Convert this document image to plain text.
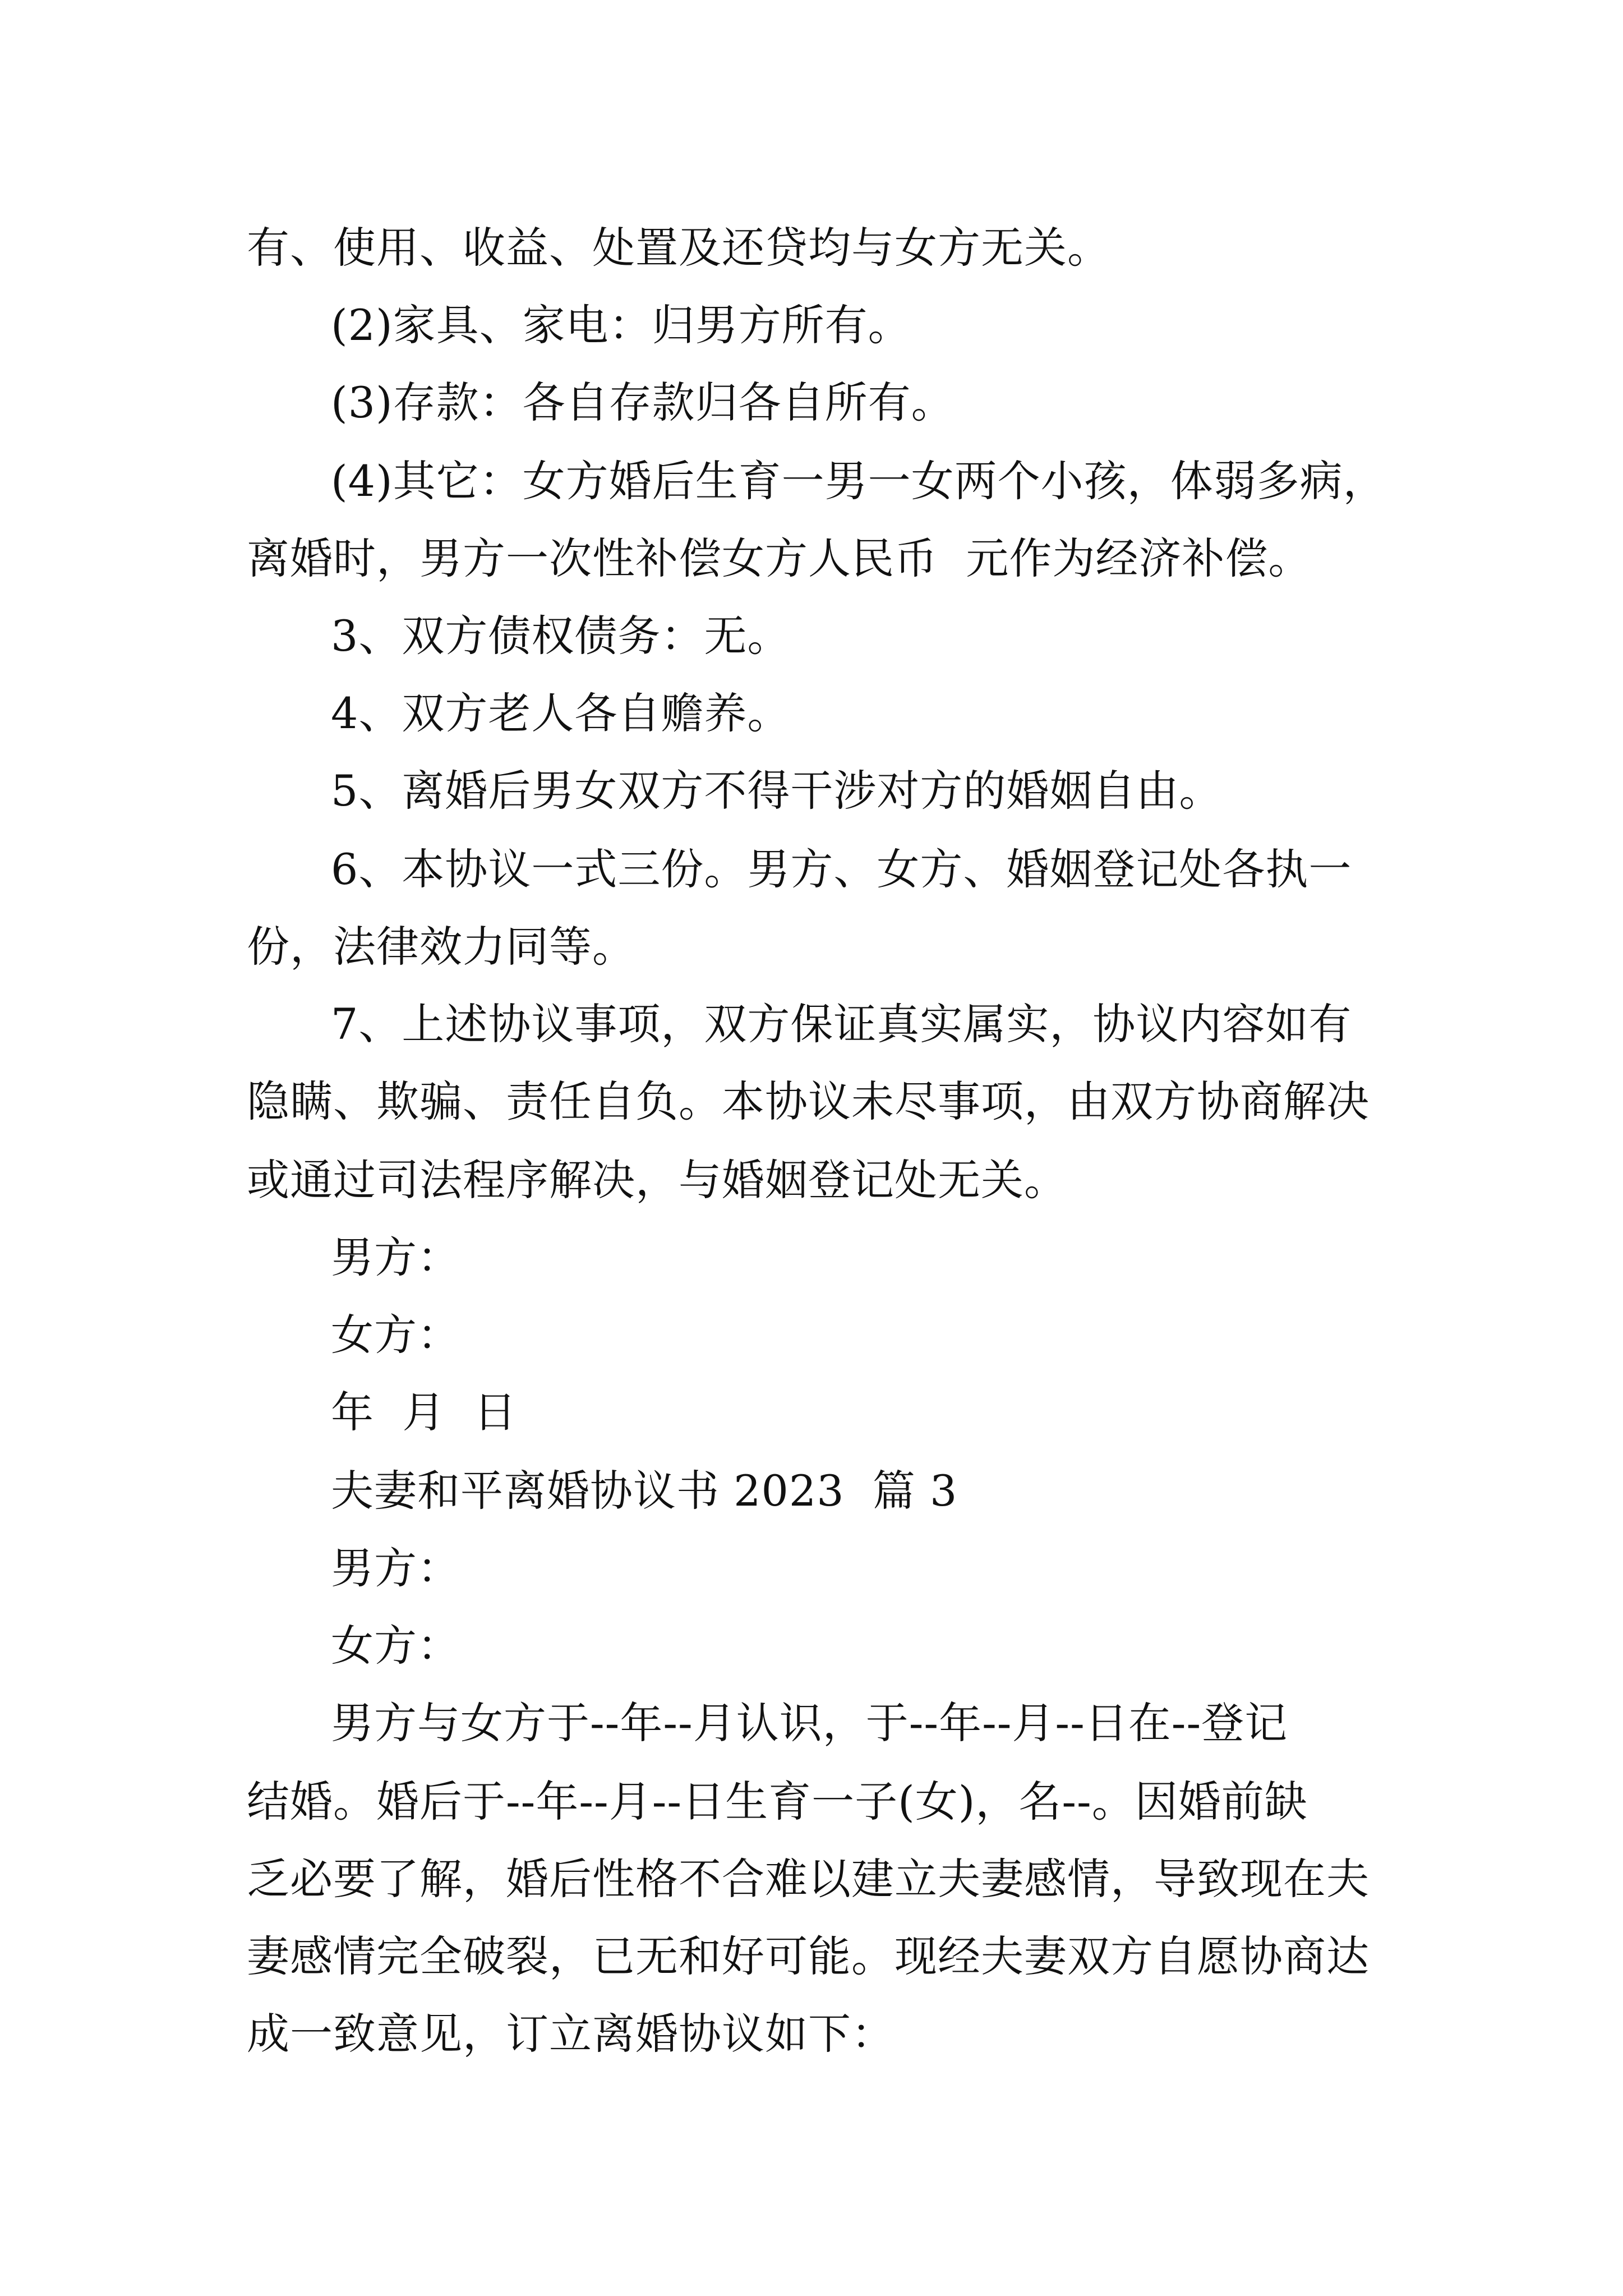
有、使用、收益、处置及还贷均与女方无关。

(2)家具、家电：归男方所有。

(3)存款：各自存款归各自所有。

(4)其它：女方婚后生育一男一女两个小孩，体弱多病，

离婚时，男方一次性补偿女方人民币  元作为经济补偿。

3、双方债权债务：无。

4、双方老人各自赡养。

5、离婚后男女双方不得干涉对方的婚姻自由。

6、本协议一式三份。男方、女方、婚姻登记处各执一

份，法律效力同等。

7、上述协议事项，双方保证真实属实，协议内容如有

隐瞒、欺骗、责任自负。本协议未尽事项，由双方协商解决

或通过司法程序解决，与婚姻登记处无关。

男方：

女方：

年  月  日

夫妻和平离婚协议书 2023  篇 3

男方：

女方：

男方与女方于--年--月认识，于--年--月--日在--登记

结婚。婚后于--年--月--日生育一子(女)，名--。因婚前缺

乏必要了解，婚后性格不合难以建立夫妻感情，导致现在夫

妻感情完全破裂，已无和好可能。现经夫妻双方自愿协商达

成一致意见，订立离婚协议如下：
